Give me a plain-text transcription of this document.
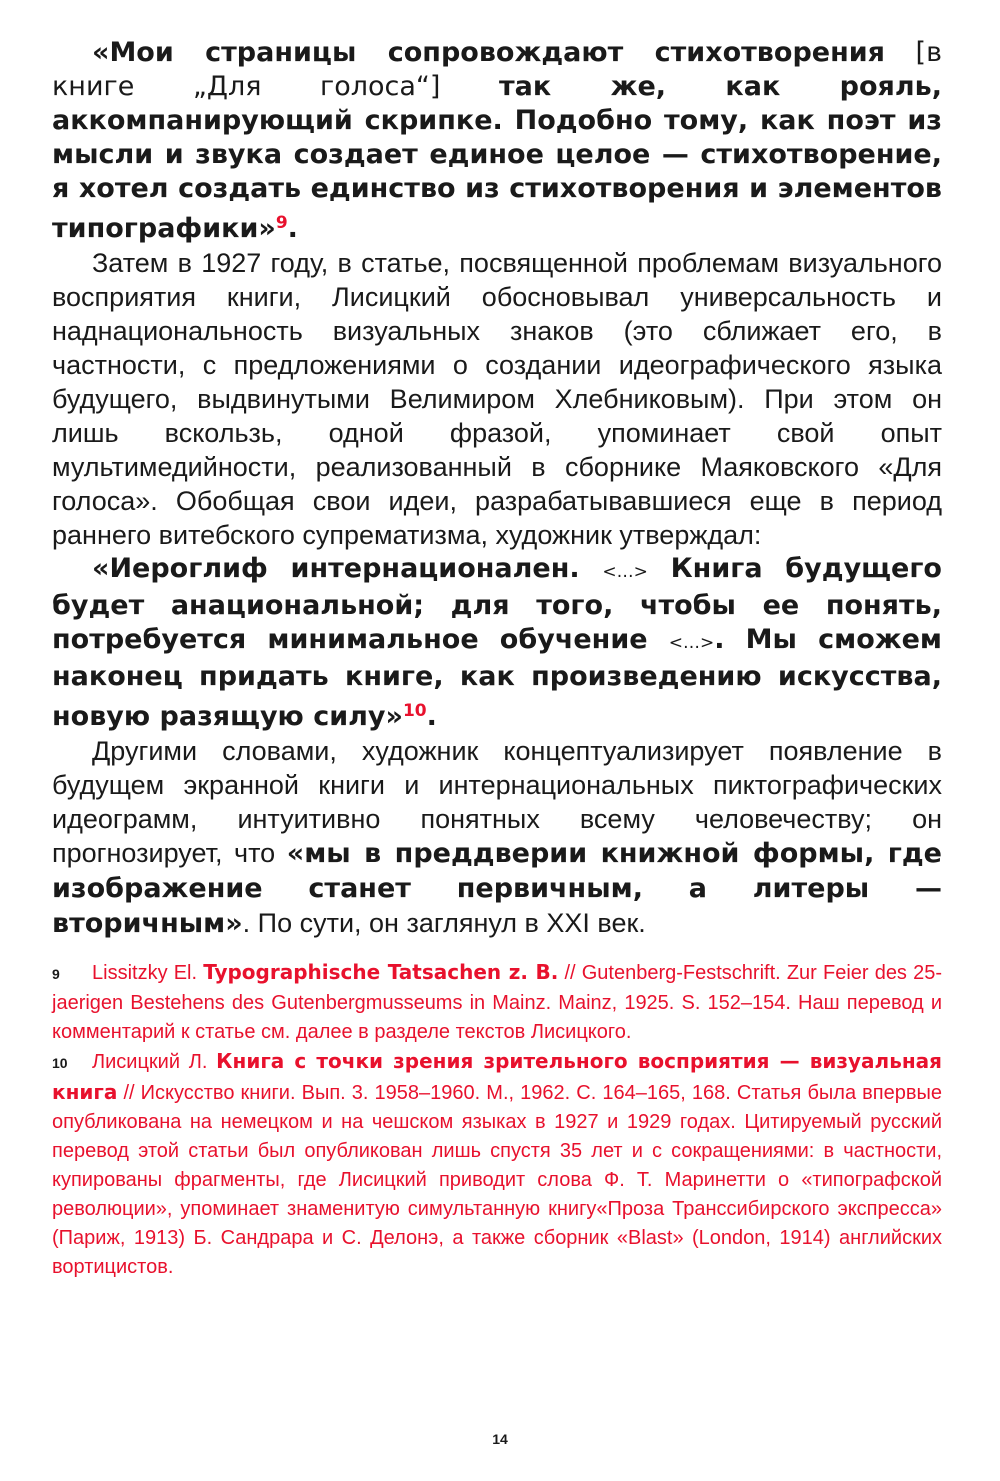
«Мои страницы сопровождают стихотворения [в книге „Для голоса“] так же, как рояль, аккомпанирующий скрипке. Подобно тому, как поэт из мысли и звука создает единое целое — стихотворение, я хотел создать единство из стихотворения и элементов типографики»$^9$.

Затем в 1927 году, в статье, посвященной проблемам визуального восприятия книги, Лисицкий обосновывал универсальность и наднациональность визуальных знаков (это сближает его, в частности, с предложениями о создании идеографического языка будущего, выдвинутыми Велимиром Хлебниковым). При этом он лишь вскользь, одной фразой, упоминает свой опыт мультимедийности, реализованный в сборнике Маяковского «Для голоса». Обобщая свои идеи, разрабатывавшиеся еще в период раннего витебского супрематизма, художник утверждал:

«Иероглиф интернационален. <…> Книга будущего будет анациональной; для того, чтобы ее понять, потребуется минимальное обучение <…>. Мы сможем наконец придать книге, как произведению искусства, новую разящую силу»$^{10}$.

Другими словами, художник концептуализирует появление в будущем экранной книги и интернациональных пиктографических идеограмм, интуитивно понятных всему человечеству; он прогнозирует, что «мы в преддверии книжной формы, где изображение станет первичным, а литеры — вторичным». По сути, он заглянул в XXI век.

9 Lissitzky El. Typographische Tatsachen z. B. // Gutenberg-Festschrift. Zur Feier des 25-jaerigen Bestehens des Gutenbergmusseums in Mainz. Mainz, 1925. S. 152–154. Наш перевод и комментарий к статье см. далее в разделе текстов Лисицкого.

10 Лисицкий Л. Книга с точки зрения зрительного восприятия — визуальная книга // Искусство книги. Вып. 3. 1958–1960. М., 1962. С. 164–165, 168. Статья была впервые опубликована на немецком и на чешском языках в 1927 и 1929 годах. Цитируемый русский перевод этой статьи был опубликован лишь спустя 35 лет и с сокращениями: в частности, купированы фрагменты, где Лисицкий приводит слова Ф. Т. Маринетти о «типографской революции», упоминает знаменитую симультанную книгу«Проза Транссибирского экспресса» (Париж, 1913) Б. Сандрара и С. Делонэ, а также сборник «Blast» (London, 1914) английских вортицистов.

14
